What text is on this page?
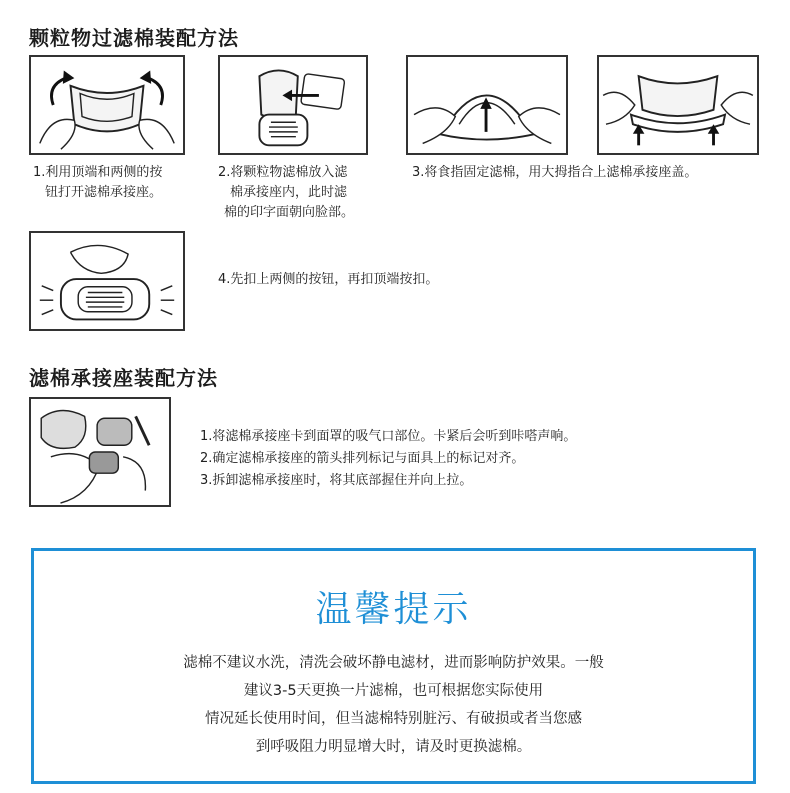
颗粒物过滤棉装配方法
1.利用顶端和两侧的按
钮打开滤棉承接座。
2.将颗粒物滤棉放入滤
棉承接座内，此时滤
棉的印字面朝向脸部。
3.将食指固定滤棉，用大拇指合上滤棉承接座盖。
4.先扣上两侧的按钮，再扣顶端按扣。
滤棉承接座装配方法
1.将滤棉承接座卡到面罩的吸气口部位。卡紧后会听到咔嗒声响。
2.确定滤棉承接座的箭头排列标记与面具上的标记对齐。
3.拆卸滤棉承接座时，将其底部握住并向上拉。
温馨提示
滤棉不建议水洗，清洗会破坏静电滤材，进而影响防护效果。一般
建议3-5天更换一片滤棉，也可根据您实际使用
情况延长使用时间，但当滤棉特别脏污、有破损或者当您感
到呼吸阻力明显增大时，请及时更换滤棉。
